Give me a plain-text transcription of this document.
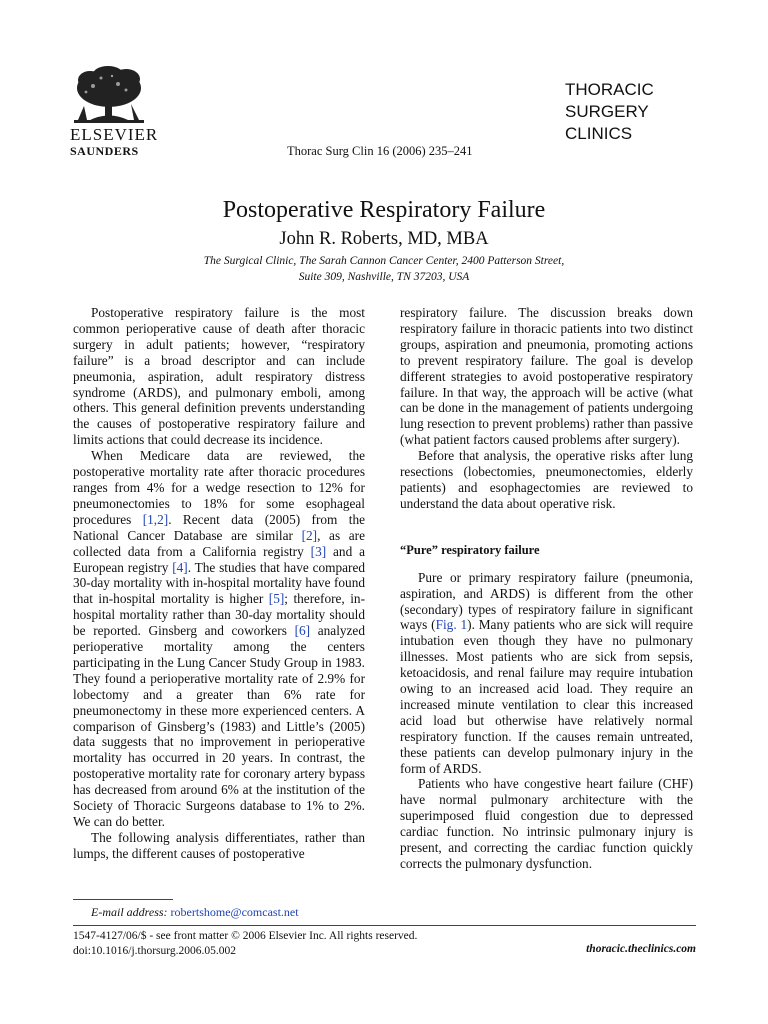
ELSEVIER
SAUNDERS	Thorac Surg Clin 16 (2006) 235–241
THORACIC
SURGERY
CLINICS
Postoperative Respiratory Failure
John R. Roberts, MD, MBA
The Surgical Clinic, The Sarah Cannon Cancer Center, 2400 Patterson Street,
Suite 309, Nashville, TN 37203, USA

Postoperative respiratory failure is the most common perioperative cause of death after thoracic surgery in adult patients; however, “respiratory failure” is a broad descriptor and can include pneumonia, aspiration, adult respiratory distress syndrome (ARDS), and pulmonary emboli, among others. This general definition prevents understanding the causes of postoperative respiratory failure and limits actions that could decrease its incidence.

When Medicare data are reviewed, the postoperative mortality rate after thoracic procedures ranges from 4% for a wedge resection to 12% for pneumonectomies to 18% for some esophageal procedures [1,2]. Recent data (2005) from the National Cancer Database are similar [2], as are collected data from a California registry [3] and a European registry [4]. The studies that have compared 30-day mortality with in-hospital mortality have found that in-hospital mortality is higher [5]; therefore, in-hospital mortality rather than 30-day mortality should be reported. Ginsberg and coworkers [6] analyzed perioperative mortality among the centers participating in the Lung Cancer Study Group in 1983. They found a perioperative mortality rate of 2.9% for lobectomy and a greater than 6% rate for pneumonectomy in these more experienced centers. A comparison of Ginsberg’s (1983) and Little’s (2005) data suggests that no improvement in perioperative mortality has occurred in 20 years. In contrast, the postoperative mortality rate for coronary artery bypass has decreased from around 6% at the institution of the Society of Thoracic Surgeons database to 1% to 2%. We can do better.

The following analysis differentiates, rather than lumps, the different causes of postoperative

respiratory failure. The discussion breaks down respiratory failure in thoracic patients into two distinct groups, aspiration and pneumonia, promoting actions to prevent respiratory failure. The goal is develop different strategies to avoid postoperative respiratory failure. In that way, the approach will be active (what can be done in the management of patients undergoing lung resection to prevent problems) rather than passive (what patient factors caused problems after surgery).

Before that analysis, the operative risks after lung resections (lobectomies, pneumonectomies, elderly patients) and esophagectomies are reviewed to understand the data about operative risk.

“Pure” respiratory failure

Pure or primary respiratory failure (pneumonia, aspiration, and ARDS) is different from the other (secondary) types of respiratory failure in significant ways (Fig. 1). Many patients who are sick will require intubation even though they have no pulmonary illnesses. Most patients who are sick from sepsis, ketoacidosis, and renal failure may require intubation owing to an increased acid load. They require an increased minute ventilation to clear this increased acid load but otherwise have relatively normal respiratory function. If the causes remain untreated, these patients can develop pulmonary injury in the form of ARDS.

Patients who have congestive heart failure (CHF) have normal pulmonary architecture with the superimposed fluid congestion due to depressed cardiac function. No intrinsic pulmonary injury is present, and correcting the cardiac function quickly corrects the pulmonary dysfunction.

E-mail address: robertshome@comcast.net
1547-4127/06/$ - see front matter © 2006 Elsevier Inc. All rights reserved.
doi:10.1016/j.thorsurg.2006.05.002	thoracic.theclinics.com
